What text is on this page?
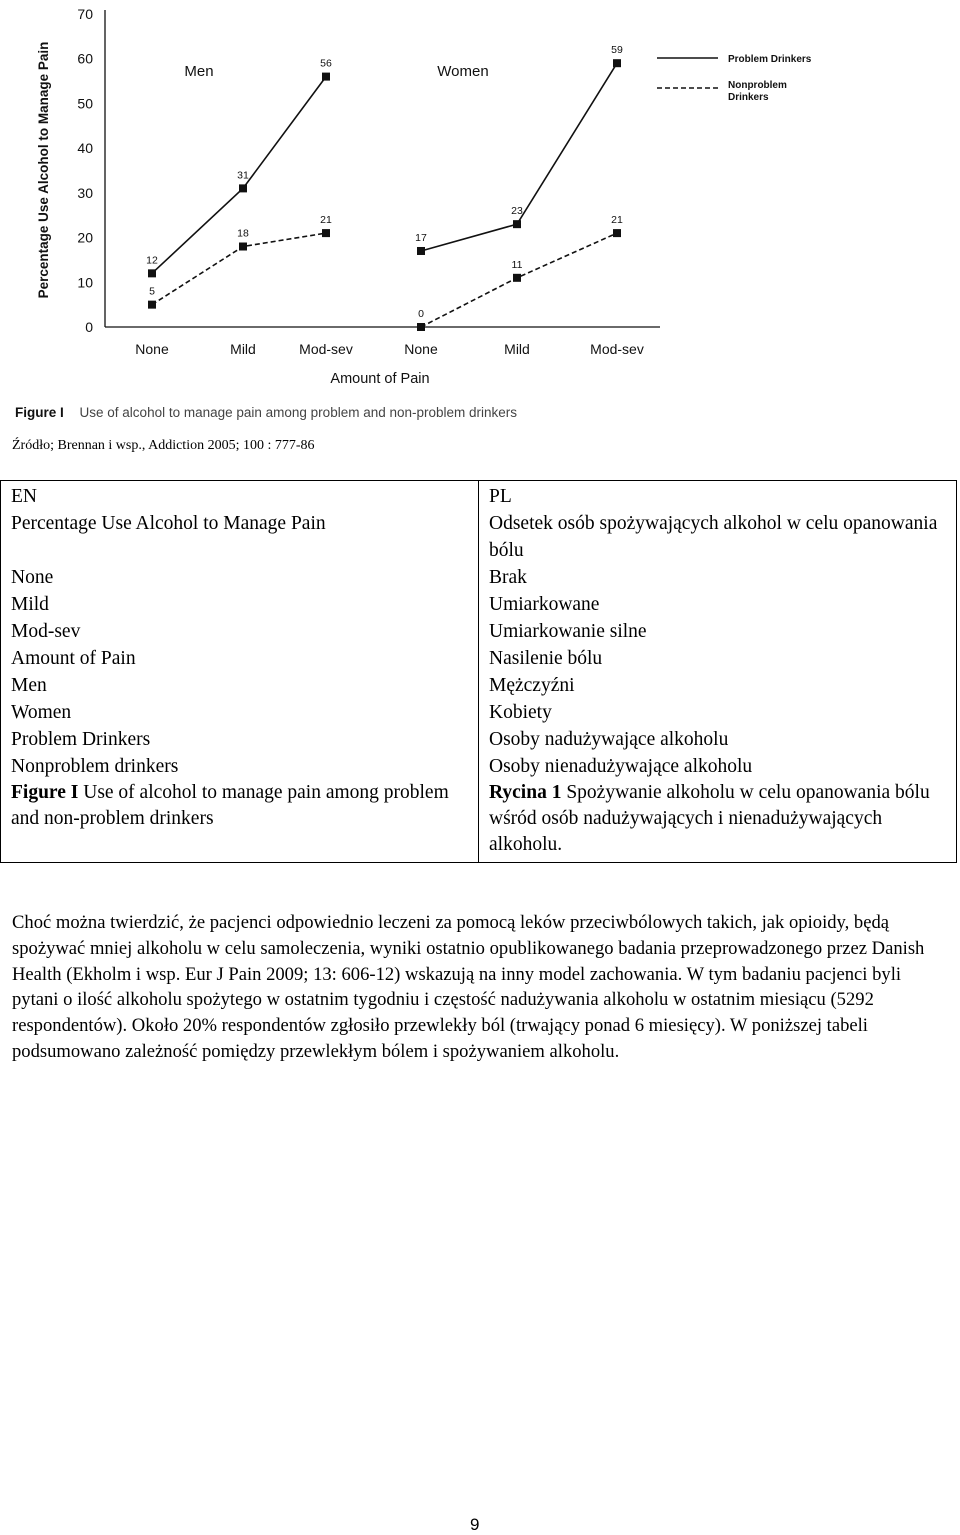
0
10
20
30
40
50
60
70
None	Mild	Mod-sev	None	Mild	Mod-sev
12
31
56
5
18
21
17
23
59
0
11
21
Percentage Use Alcohol to Manage Pain
Amount of Pain
Men	Women
Problem Drinkers
Nonproblem
Drinkers
Figure I Use of alcohol to manage pain among problem and non-problem drinkers
Źródło; Brennan i wsp., Addiction 2005; 100 : 777-86
EN
Percentage Use Alcohol to Manage Pain

None
Mild
Mod-sev
Amount of Pain
Men
Women
Problem Drinkers
Nonproblem drinkers
Figure I Use of alcohol to manage pain among problem and non-problem drinkers

PL
Odsetek osób spożywających alkohol w celu opanowania bólu
Brak
Umiarkowane
Umiarkowanie silne
Nasilenie bólu
Mężczyźni
Kobiety
Osoby nadużywające alkoholu
Osoby nienadużywające alkoholu
Rycina 1 Spożywanie alkoholu w celu opanowania bólu wśród osób nadużywających i nienadużywających alkoholu.

Choć można twierdzić, że pacjenci odpowiednio leczeni za pomocą leków przeciwbólowych takich, jak opioidy, będą spożywać mniej alkoholu w celu samoleczenia, wyniki ostatnio opublikowanego badania przeprowadzonego przez Danish Health (Ekholm i wsp. Eur J Pain 2009; 13: 606-12) wskazują na inny model zachowania. W tym badaniu pacjenci byli pytani o ilość alkoholu spożytego w ostatnim tygodniu i częstość nadużywania alkoholu w ostatnim miesiącu (5292 respondentów). Około 20% respondentów zgłosiło przewlekły ból (trwający ponad 6 miesięcy). W poniższej tabeli podsumowano zależność pomiędzy przewlekłym bólem i spożywaniem alkoholu.

9
